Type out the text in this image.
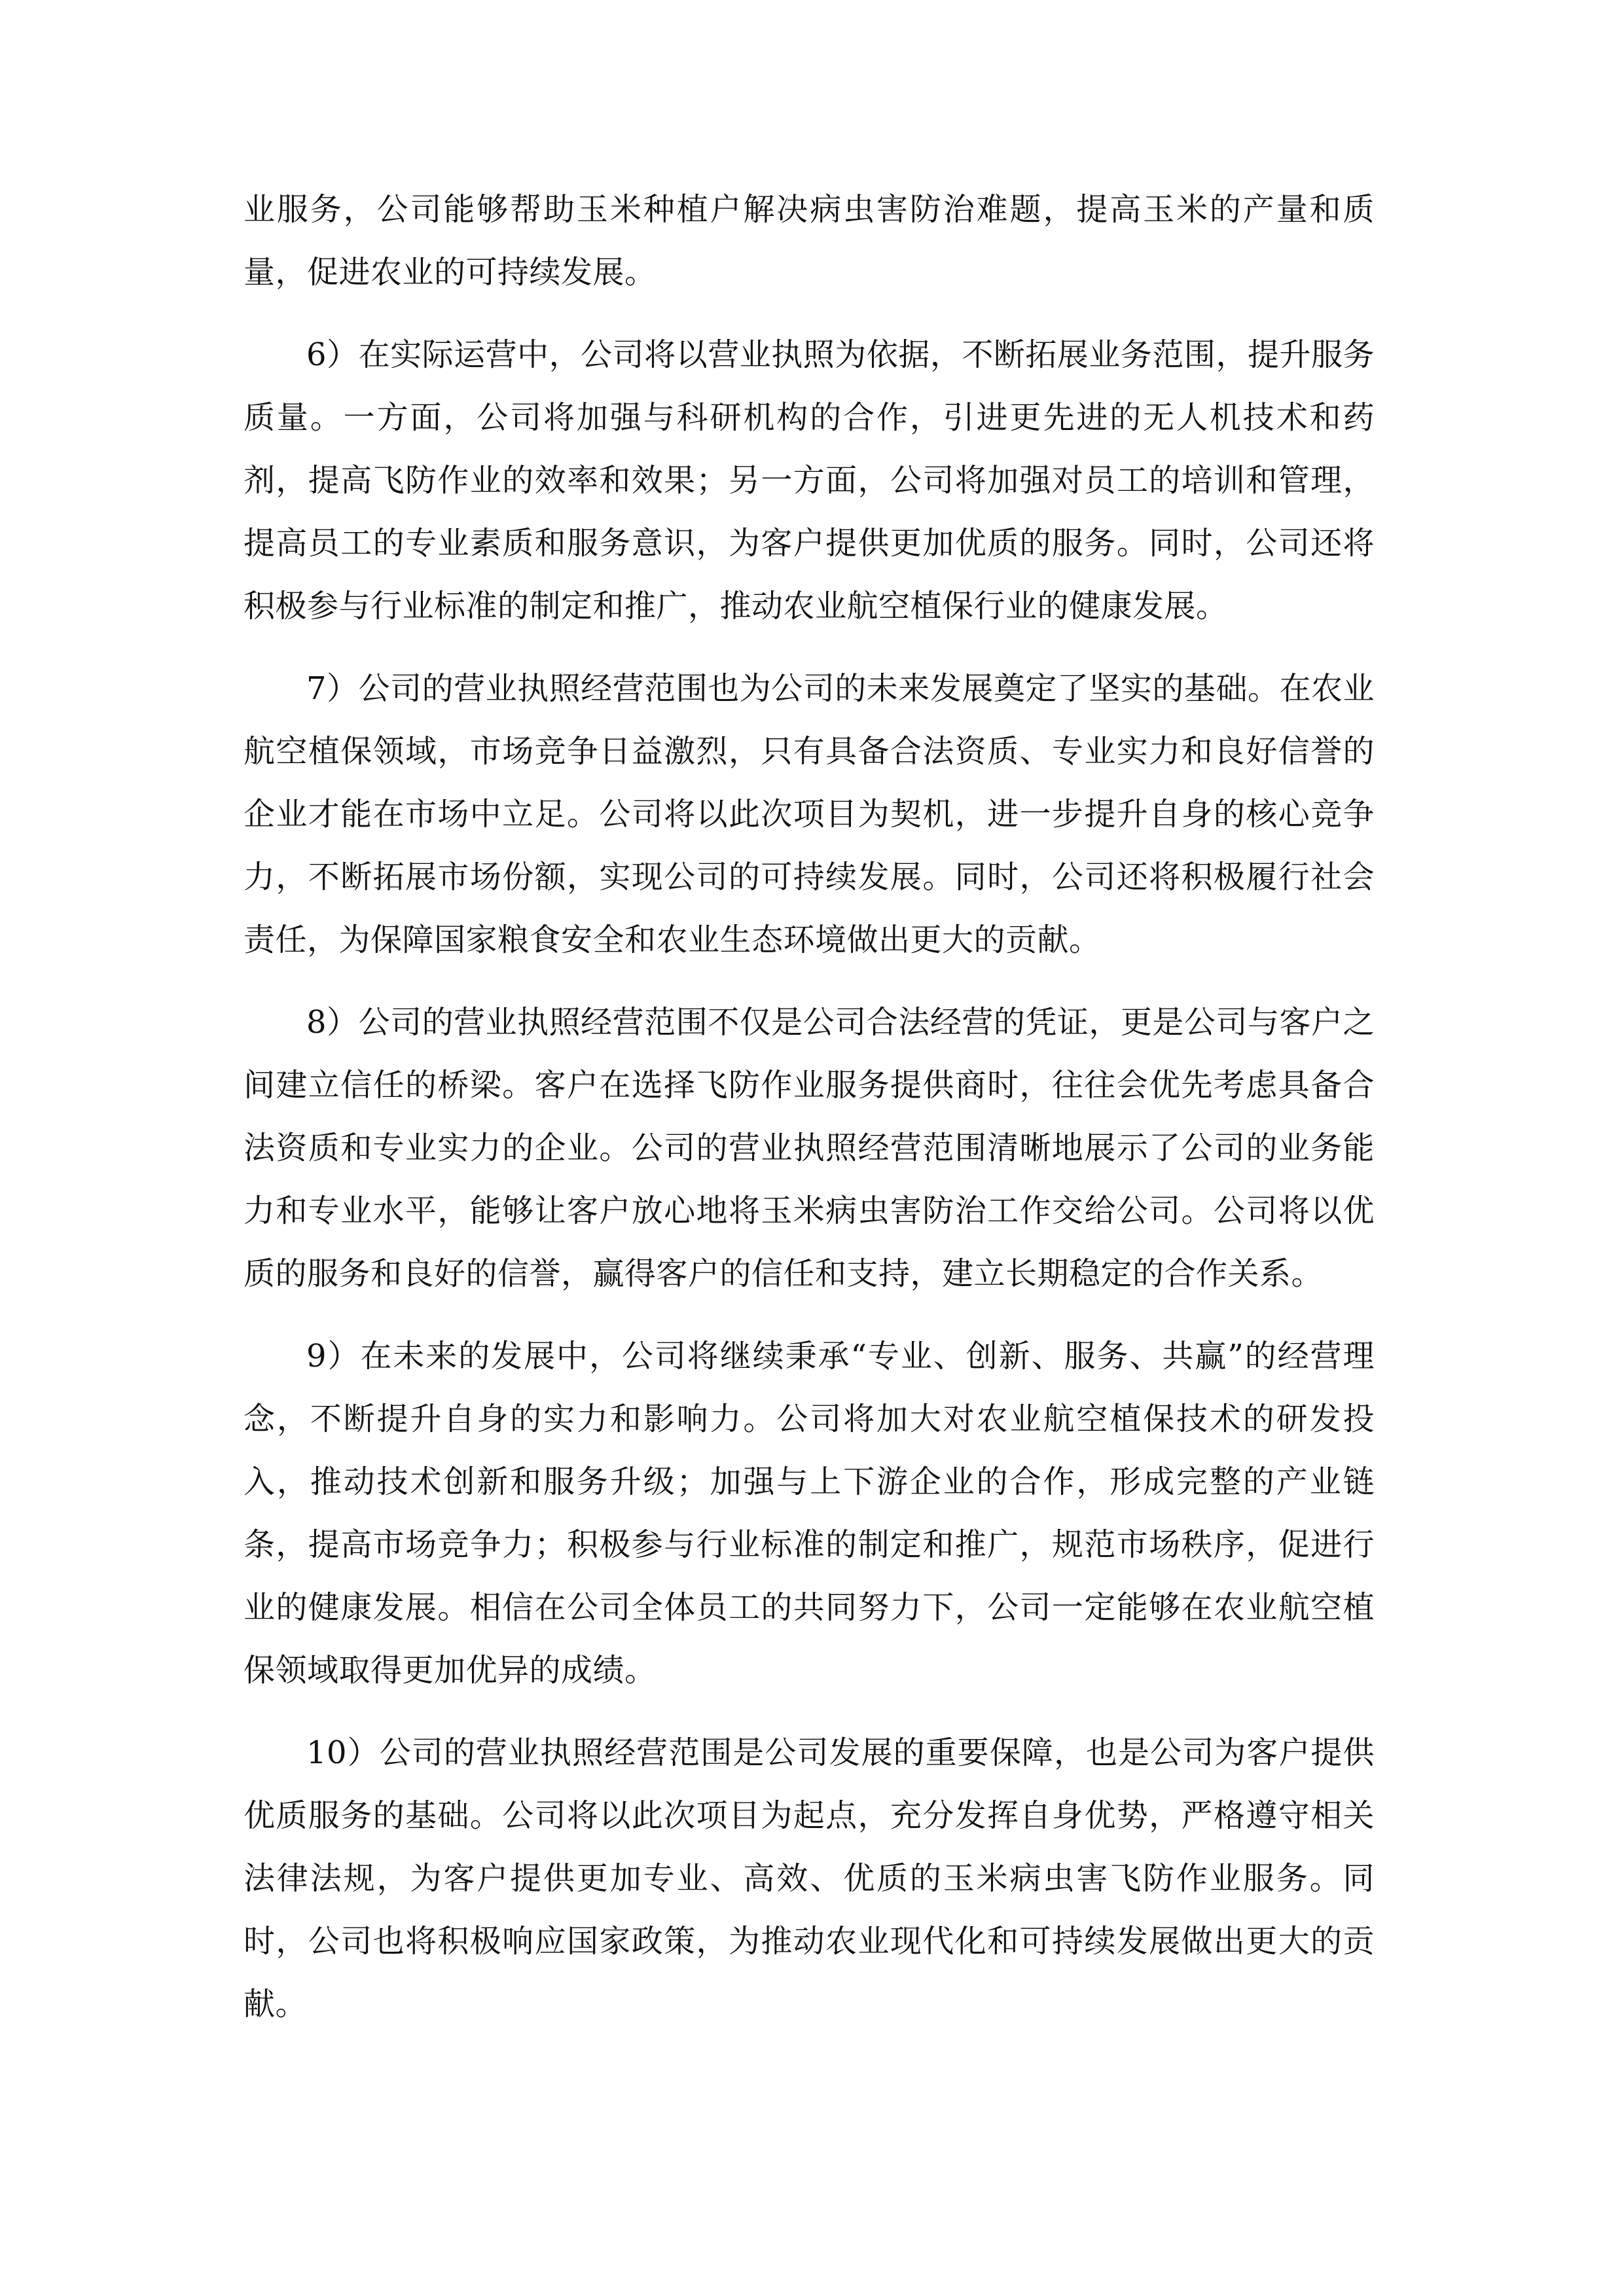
业服务，公司能够帮助玉米种植户解决病虫害防治难题，提高玉米的产量和质量，促进农业的可持续发展。

6）在实际运营中，公司将以营业执照为依据，不断拓展业务范围，提升服务质量。一方面，公司将加强与科研机构的合作，引进更先进的无人机技术和药剂，提高飞防作业的效率和效果；另一方面，公司将加强对员工的培训和管理，提高员工的专业素质和服务意识，为客户提供更加优质的服务。同时，公司还将积极参与行业标准的制定和推广，推动农业航空植保行业的健康发展。

7）公司的营业执照经营范围也为公司的未来发展奠定了坚实的基础。在农业航空植保领域，市场竞争日益激烈，只有具备合法资质、专业实力和良好信誉的企业才能在市场中立足。公司将以此次项目为契机，进一步提升自身的核心竞争力，不断拓展市场份额，实现公司的可持续发展。同时，公司还将积极履行社会责任，为保障国家粮食安全和农业生态环境做出更大的贡献。

8）公司的营业执照经营范围不仅是公司合法经营的凭证，更是公司与客户之间建立信任的桥梁。客户在选择飞防作业服务提供商时，往往会优先考虑具备合法资质和专业实力的企业。公司的营业执照经营范围清晰地展示了公司的业务能力和专业水平，能够让客户放心地将玉米病虫害防治工作交给公司。公司将以优质的服务和良好的信誉，赢得客户的信任和支持，建立长期稳定的合作关系。

9）在未来的发展中，公司将继续秉承“专业、创新、服务、共赢”的经营理念，不断提升自身的实力和影响力。公司将加大对农业航空植保技术的研发投入，推动技术创新和服务升级；加强与上下游企业的合作，形成完整的产业链条，提高市场竞争力；积极参与行业标准的制定和推广，规范市场秩序，促进行业的健康发展。相信在公司全体员工的共同努力下，公司一定能够在农业航空植保领域取得更加优异的成绩。

10）公司的营业执照经营范围是公司发展的重要保障，也是公司为客户提供优质服务的基础。公司将以此次项目为起点，充分发挥自身优势，严格遵守相关法律法规，为客户提供更加专业、高效、优质的玉米病虫害飞防作业服务。同时，公司也将积极响应国家政策，为推动农业现代化和可持续发展做出更大的贡献。
